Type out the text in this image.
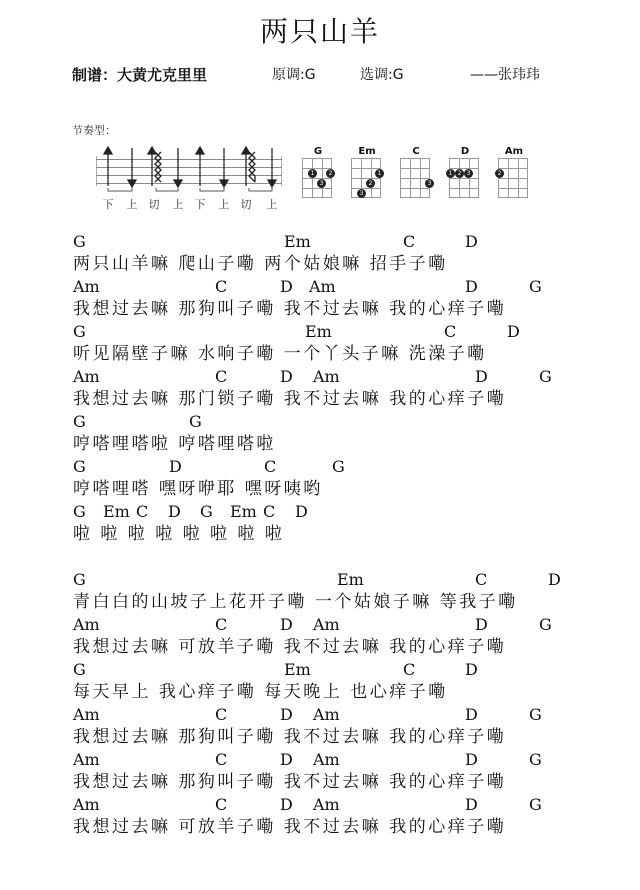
两只山羊
制谱：大黄尤克里里	原调:G	选调:G	——张玮玮
节奏型：
下 上 切 上 下 上 切 上
G
1	2
3
Em
1
2
3
C
3
D
1 2 3
Am
2
G	Em	C	D
两只山羊嘛 爬山子嘞 两个姑娘嘛 招手子嘞
Am	C	D Am	D	G
我想过去嘛 那狗叫子嘞 我不过去嘛 我的心痒子嘞
G	Em	C	D
听见隔壁子嘛 水响子嘞 一个丫头子嘛 洗澡子嘞
Am	C	D Am	D	G
我想过去嘛 那门锁子嘞 我不过去嘛 我的心痒子嘞
G	G
哼嗒哩嗒啦 哼嗒哩嗒啦
G	D	C	G
哼嗒哩嗒 嘿呀咿耶 嘿呀咦哟
G Em C D G Em C D
啦 啦 啦 啦 啦 啦 啦 啦
G	Em	C	D
青白白的山坡子上花开子嘞 一个姑娘子嘛 等我子嘞
Am	C	D Am	D	G
我想过去嘛 可放羊子嘞 我不过去嘛 我的心痒子嘞
G	Em	C	D
每天早上 我心痒子嘞 每天晚上 也心痒子嘞
Am	C	D Am	D	G
我想过去嘛 那狗叫子嘞 我不过去嘛 我的心痒子嘞
Am	C	D Am	D	G
我想过去嘛 那狗叫子嘞 我不过去嘛 我的心痒子嘞
Am	C	D Am	D	G
我想过去嘛 可放羊子嘞 我不过去嘛 我的心痒子嘞
